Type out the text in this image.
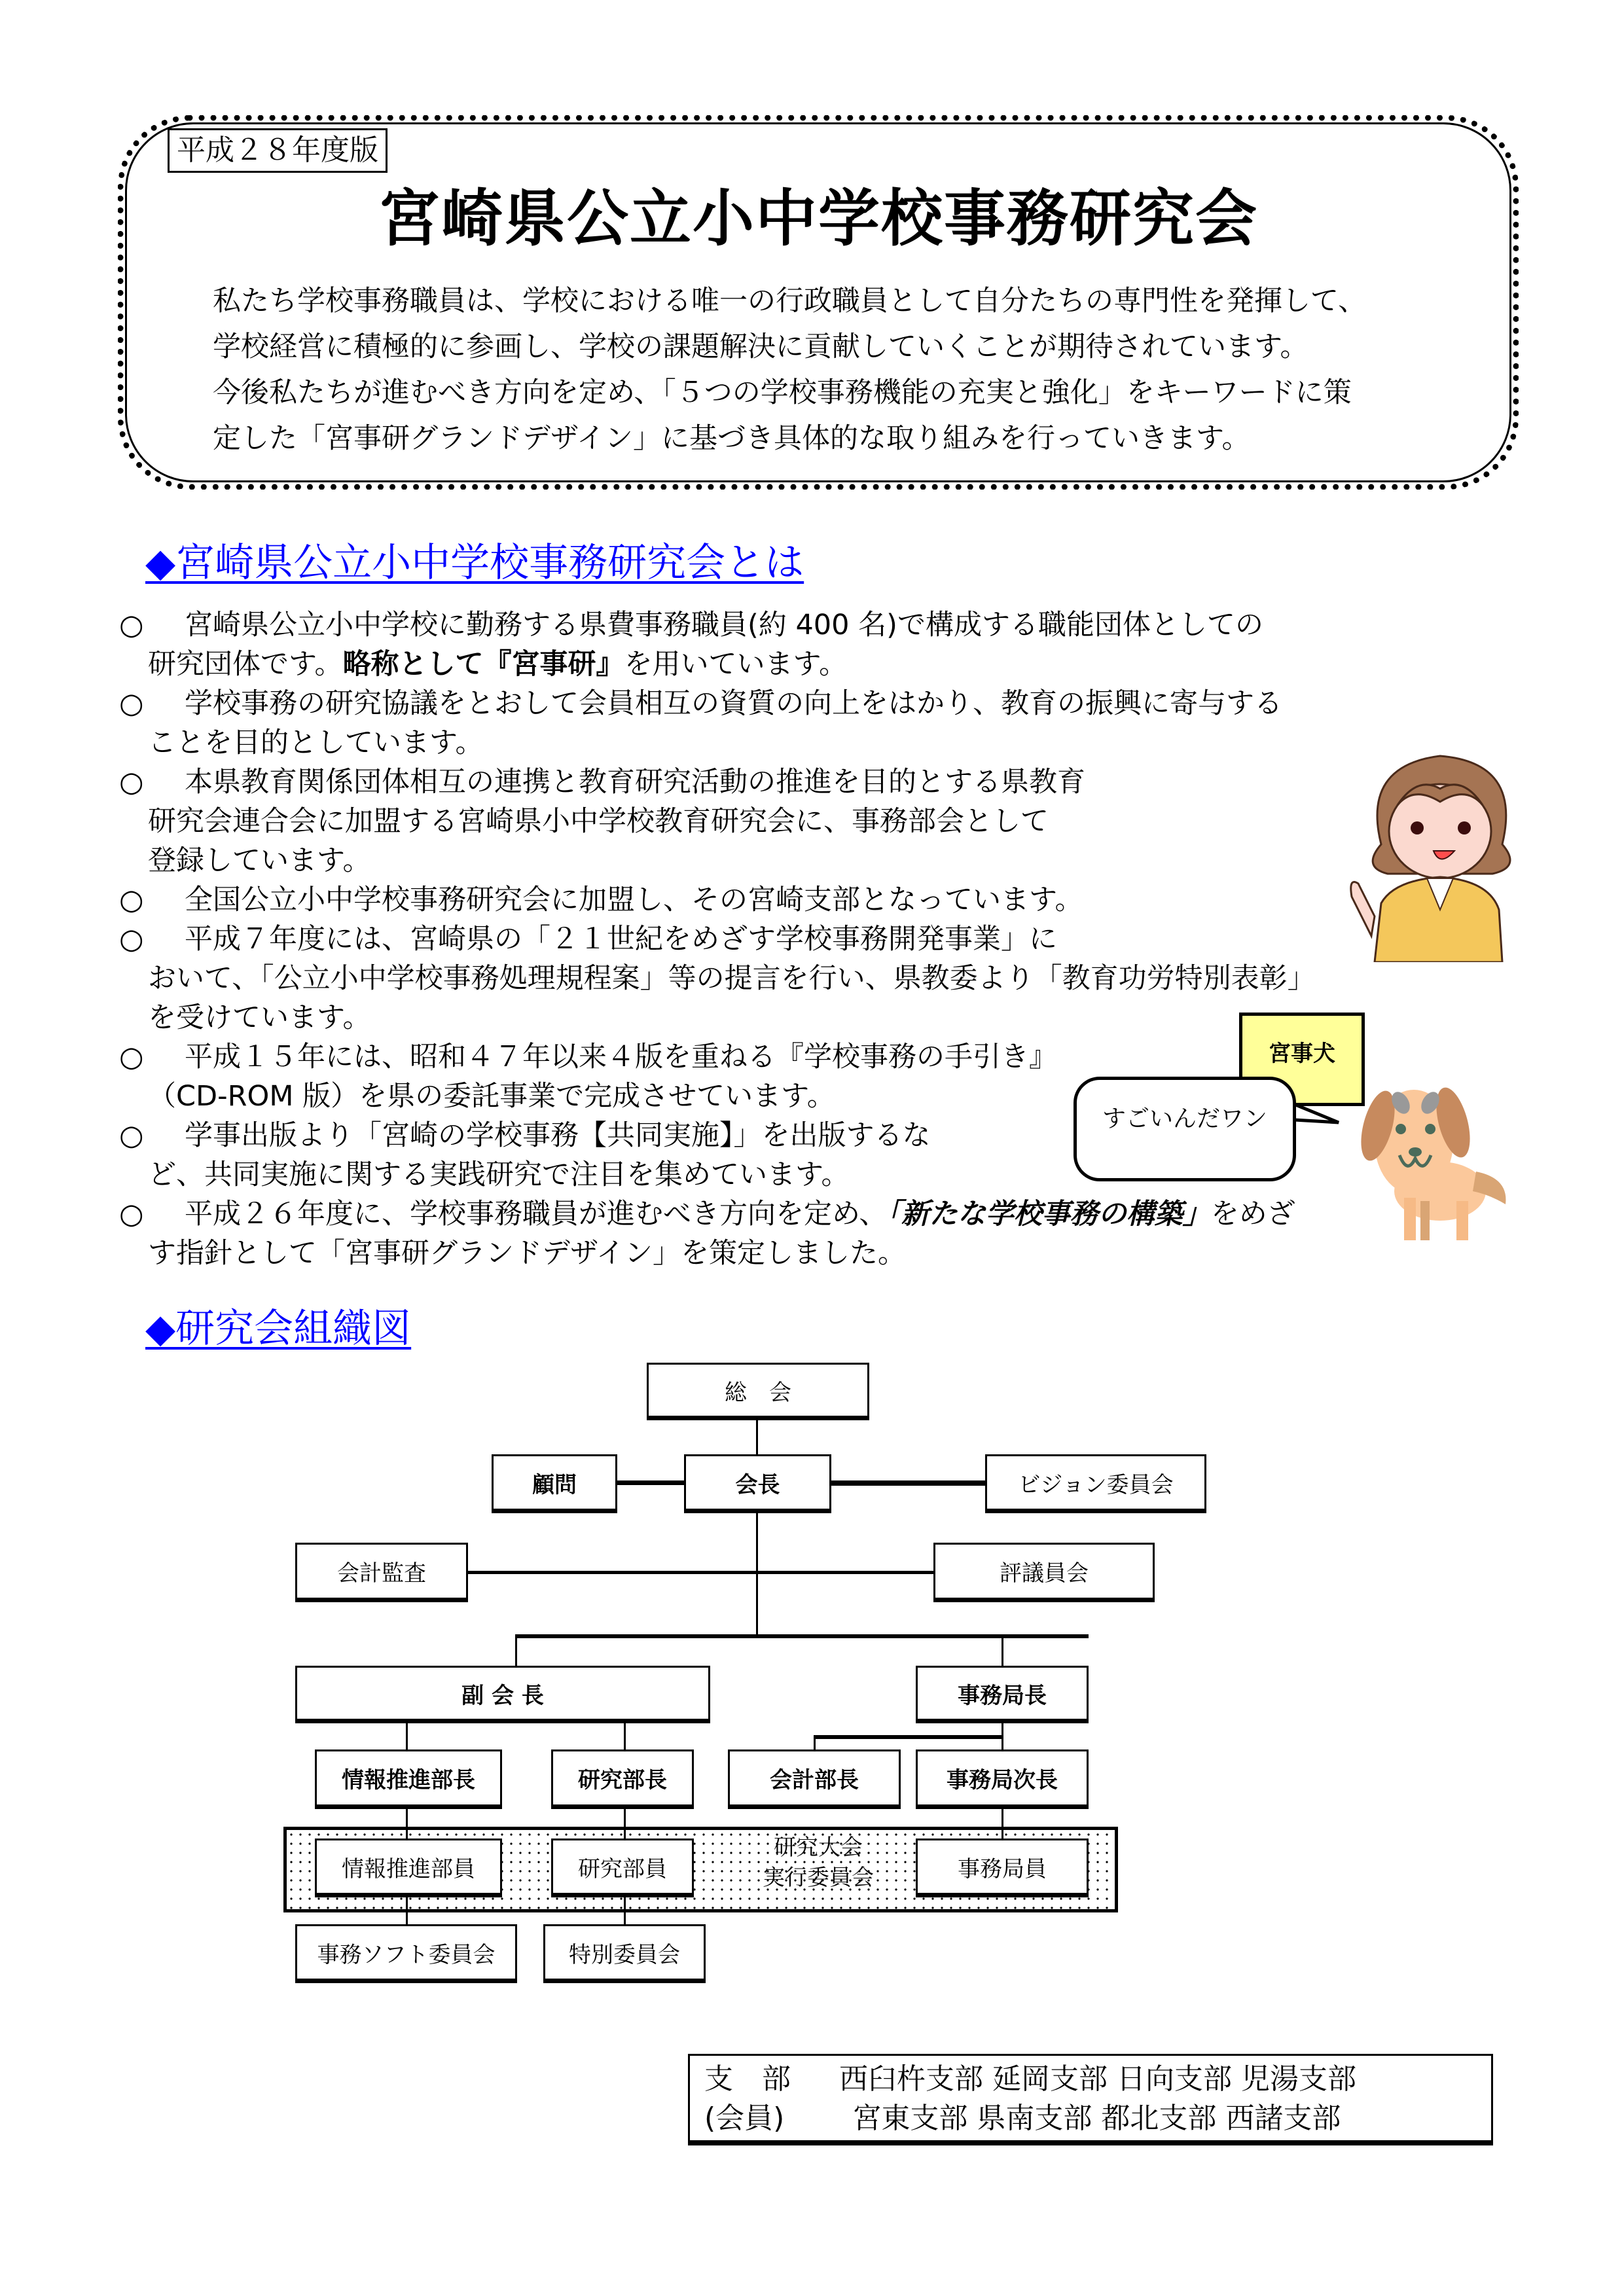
平成２８年度版
宮崎県公立小中学校事務研究会
私たち学校事務職員は、学校における唯一の行政職員として自分たちの専門性を発揮して、
学校経営に積極的に参画し、学校の課題解決に貢献していくことが期待されています。
今後私たちが進むべき方向を定め、「５つの学校事務機能の充実と強化」をキーワードに策
定した「宮事研グランドデザイン」に基づき具体的な取り組みを行っていきます。
◆宮崎県公立小中学校事務研究会とは
○ 宮崎県公立小中学校に勤務する県費事務職員(約 400 名)で構成する職能団体としての
研究団体です。略称として『宮事研』を用いています。
○ 学校事務の研究協議をとおして会員相互の資質の向上をはかり、教育の振興に寄与する
ことを目的としています。
○ 本県教育関係団体相互の連携と教育研究活動の推進を目的とする県教育
研究会連合会に加盟する宮崎県小中学校教育研究会に、事務部会として
登録しています。
○ 全国公立小中学校事務研究会に加盟し、その宮崎支部となっています。
○ 平成７年度には、宮崎県の「２１世紀をめざす学校事務開発事業」に
おいて、「公立小中学校事務処理規程案」等の提言を行い、県教委より「教育功労特別表彰」
を受けています。
○ 平成１５年には、昭和４７年以来４版を重ねる『学校事務の手引き』
（CD-ROM 版）を県の委託事業で完成させています。
○ 学事出版より「宮崎の学校事務【共同実施】」を出版するな
ど、共同実施に関する実践研究で注目を集めています。
○ 平成２６年度に、学校事務職員が進むべき方向を定め、「新たな学校事務の構築」をめざ
す指針として「宮事研グランドデザイン」を策定しました。
宮事犬
すごいんだワン
◆研究会組織図
総　会
顧問	会長	ビジョン委員会
会計監査	評議員会
副 会 長	事務局長
情報推進部長	研究部長	会計部長	事務局次長
情報推進部員	研究部員
研究大会
実行委員会	事務局員
事務ソフト委員会	特別委員会
支　部 西臼杵支部 延岡支部 日向支部 児湯支部
(会員) 宮東支部 県南支部 都北支部 西諸支部
